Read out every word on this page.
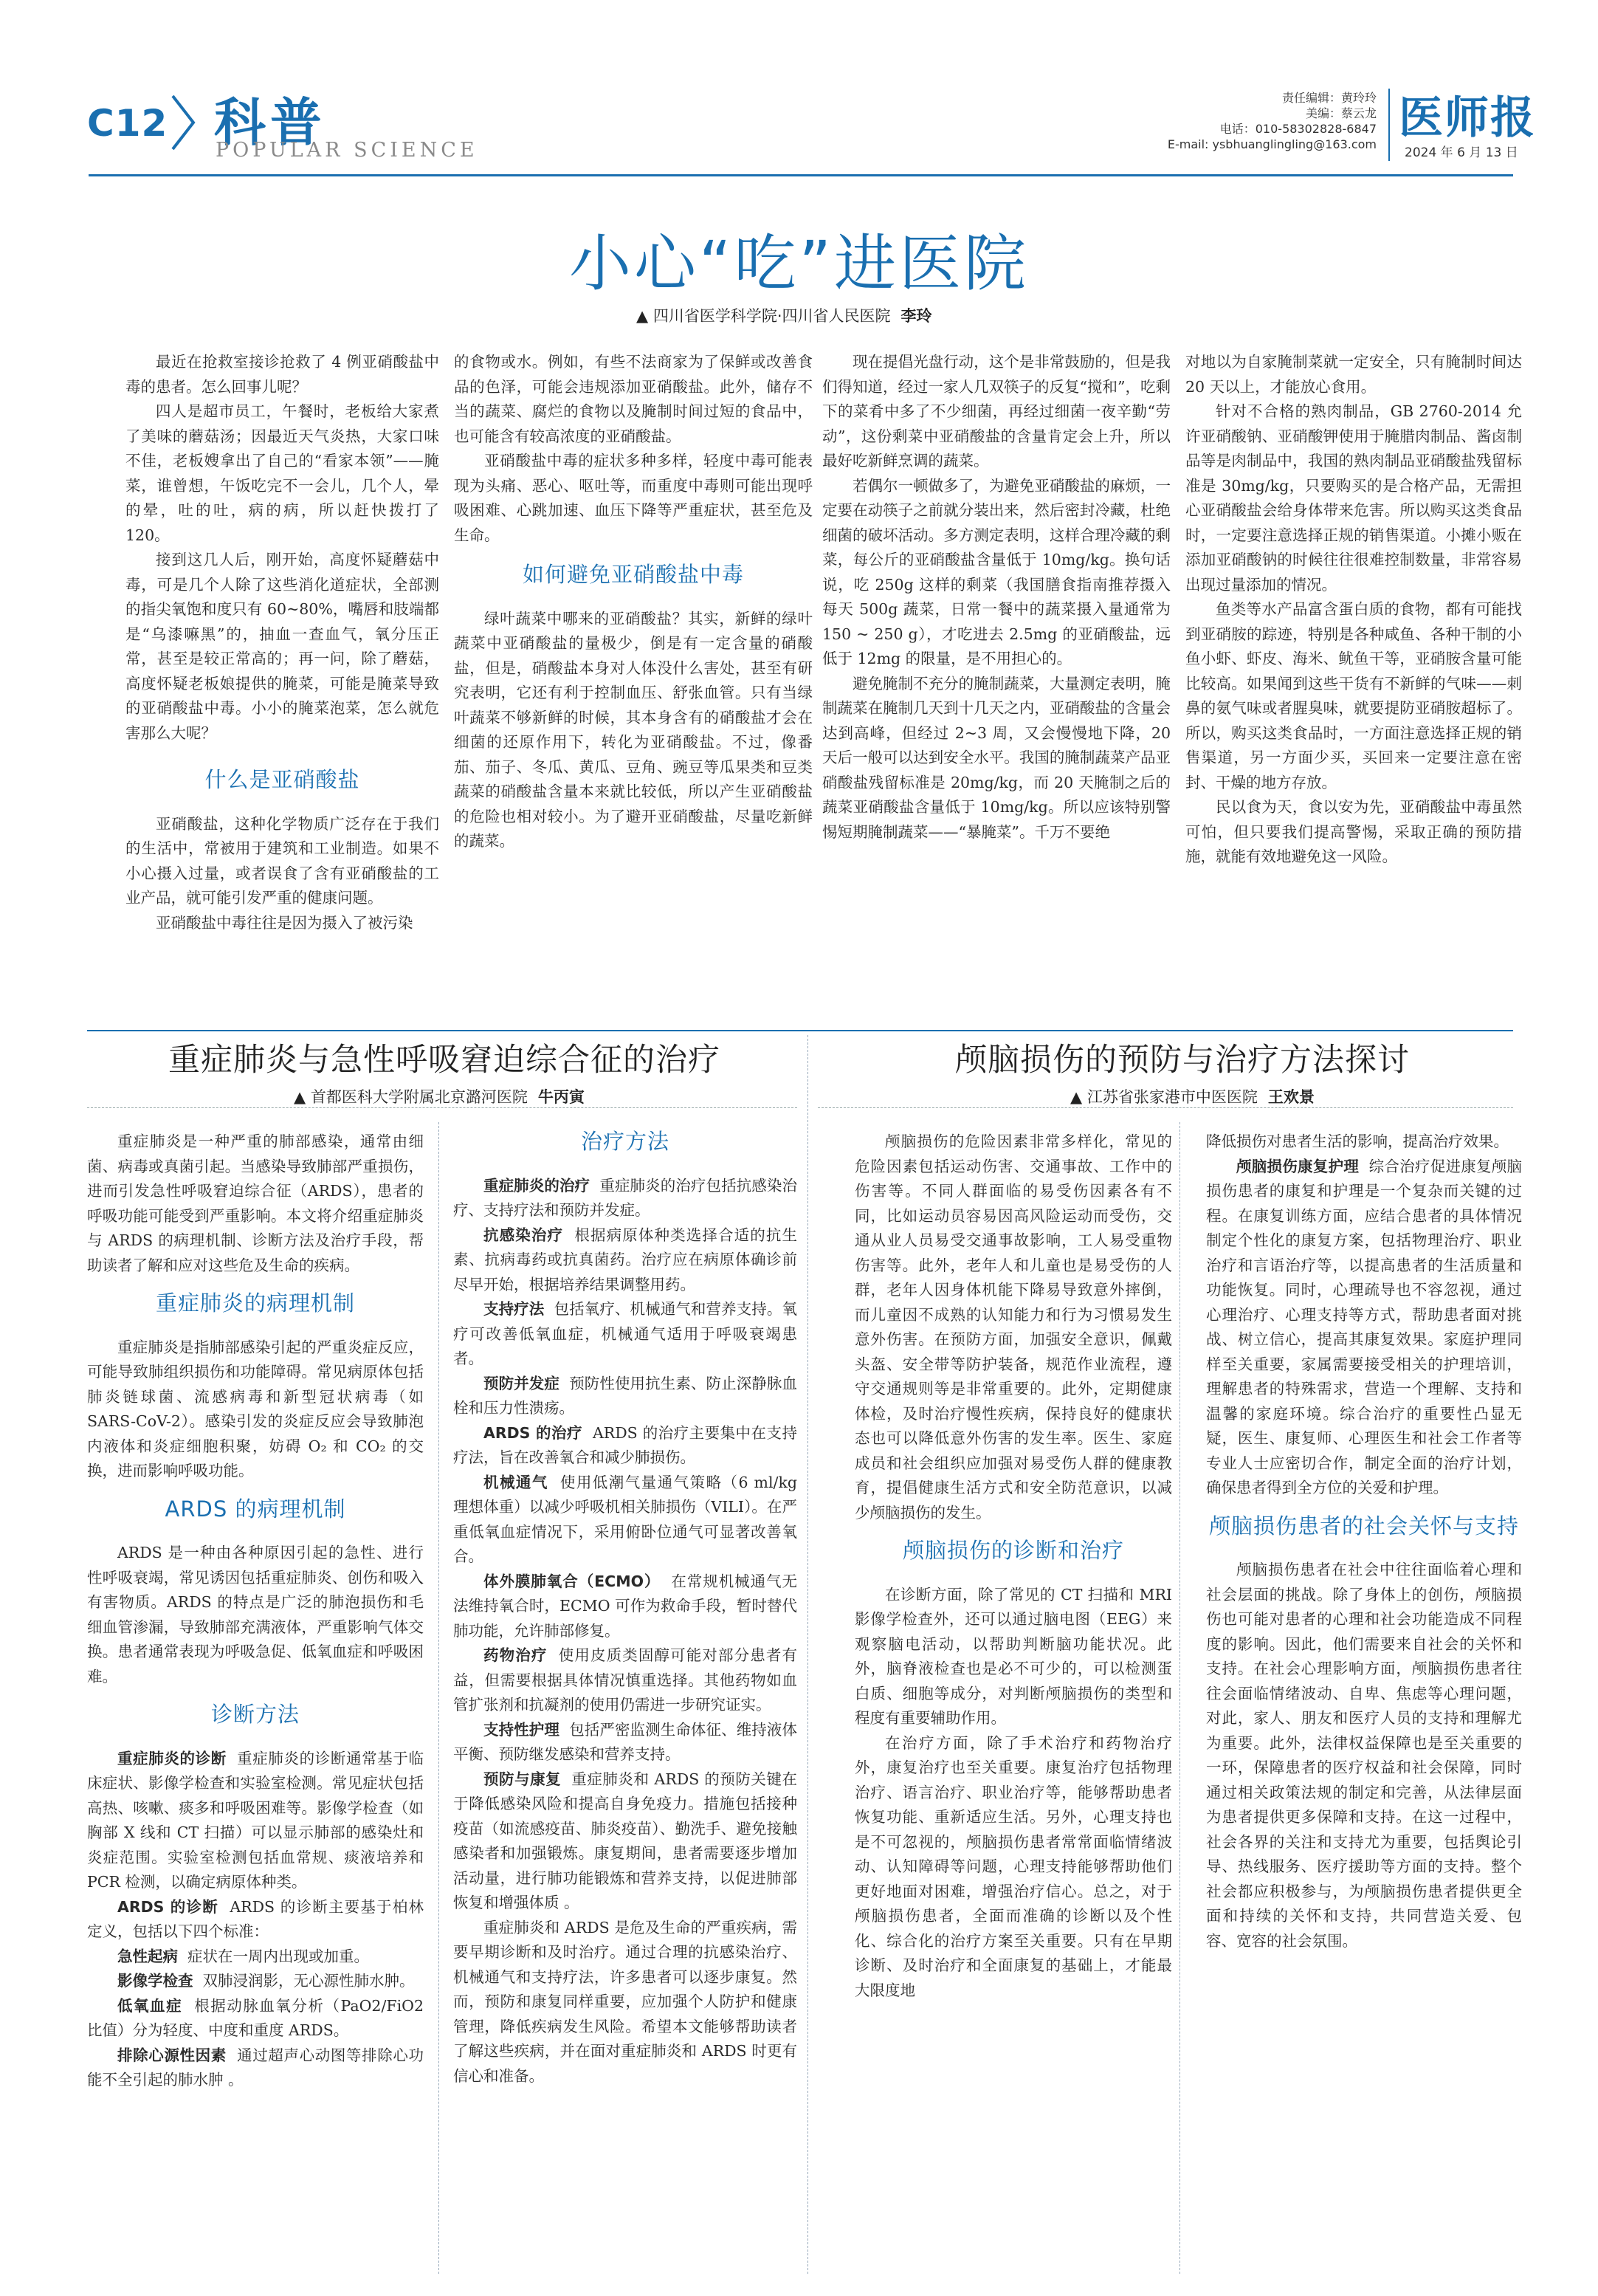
C12 科普
POPULAR SCIENCE
责任编辑：黄玲玲
美编：蔡云龙
电话：010-58302828-6847
E-mail: ysbhuanglingling@163.com
医师报
2024 年 6 月 13 日
小心“吃”进医院
▲ 四川省医学科学院·四川省人民医院 李玲

最近在抢救室接诊抢救了 4 例亚硝酸盐中毒的患者。怎么回事儿呢？

四人是超市员工，午餐时，老板给大家煮了美味的蘑菇汤；因最近天气炎热，大家口味不佳，老板嫂拿出了自己的“看家本领”——腌菜，谁曾想，午饭吃完不一会儿，几个人，晕的晕，吐的吐，病的病，所以赶快拨打了 120。

接到这几人后，刚开始，高度怀疑蘑菇中毒，可是几个人除了这些消化道症状，全部测的指尖氧饱和度只有 60~80%，嘴唇和肢端都是“乌漆嘛黑”的，抽血一查血气，氧分压正常，甚至是较正常高的；再一问，除了蘑菇，高度怀疑老板娘提供的腌菜，可能是腌菜导致的亚硝酸盐中毒。小小的腌菜泡菜，怎么就危害那么大呢？

什么是亚硝酸盐

亚硝酸盐，这种化学物质广泛存在于我们的生活中，常被用于建筑和工业制造。如果不小心摄入过量，或者误食了含有亚硝酸盐的工业产品，就可能引发严重的健康问题。

亚硝酸盐中毒往往是因为摄入了被污染

的食物或水。例如，有些不法商家为了保鲜或改善食品的色泽，可能会违规添加亚硝酸盐。此外，储存不当的蔬菜、腐烂的食物以及腌制时间过短的食品中，也可能含有较高浓度的亚硝酸盐。

亚硝酸盐中毒的症状多种多样，轻度中毒可能表现为头痛、恶心、呕吐等，而重度中毒则可能出现呼吸困难、心跳加速、血压下降等严重症状，甚至危及生命。

如何避免亚硝酸盐中毒

绿叶蔬菜中哪来的亚硝酸盐？其实，新鲜的绿叶蔬菜中亚硝酸盐的量极少，倒是有一定含量的硝酸盐，但是，硝酸盐本身对人体没什么害处，甚至有研究表明，它还有利于控制血压、舒张血管。只有当绿叶蔬菜不够新鲜的时候，其本身含有的硝酸盐才会在细菌的还原作用下，转化为亚硝酸盐。不过，像番茄、茄子、冬瓜、黄瓜、豆角、豌豆等瓜果类和豆类蔬菜的硝酸盐含量本来就比较低，所以产生亚硝酸盐的危险也相对较小。为了避开亚硝酸盐，尽量吃新鲜的蔬菜。

现在提倡光盘行动，这个是非常鼓励的，但是我们得知道，经过一家人几双筷子的反复“搅和”，吃剩下的菜肴中多了不少细菌，再经过细菌一夜辛勤“劳动”，这份剩菜中亚硝酸盐的含量肯定会上升，所以最好吃新鲜烹调的蔬菜。

若偶尔一顿做多了，为避免亚硝酸盐的麻烦，一定要在动筷子之前就分装出来，然后密封冷藏，杜绝细菌的破坏活动。多方测定表明，这样合理冷藏的剩菜，每公斤的亚硝酸盐含量低于 10mg/kg。换句话说，吃 250g 这样的剩菜（我国膳食指南推荐摄入每天 500g 蔬菜，日常一餐中的蔬菜摄入量通常为 150 ~ 250 g），才吃进去 2.5mg 的亚硝酸盐，远低于 12mg 的限量，是不用担心的。

避免腌制不充分的腌制蔬菜，大量测定表明，腌制蔬菜在腌制几天到十几天之内，亚硝酸盐的含量会达到高峰，但经过 2~3 周，又会慢慢地下降，20 天后一般可以达到安全水平。我国的腌制蔬菜产品亚硝酸盐残留标准是 20mg/kg，而 20 天腌制之后的蔬菜亚硝酸盐含量低于 10mg/kg。所以应该特别警惕短期腌制蔬菜——“暴腌菜”。千万不要绝

对地以为自家腌制菜就一定安全，只有腌制时间达 20 天以上，才能放心食用。

针对不合格的熟肉制品，GB 2760-2014 允许亚硝酸钠、亚硝酸钾使用于腌腊肉制品、酱卤制品等是肉制品中，我国的熟肉制品亚硝酸盐残留标准是 30mg/kg，只要购买的是合格产品，无需担心亚硝酸盐会给身体带来危害。所以购买这类食品时，一定要注意选择正规的销售渠道。小摊小贩在添加亚硝酸钠的时候往往很难控制数量，非常容易出现过量添加的情况。

鱼类等水产品富含蛋白质的食物，都有可能找到亚硝胺的踪迹，特别是各种咸鱼、各种干制的小鱼小虾、虾皮、海米、鱿鱼干等，亚硝胺含量可能比较高。如果闻到这些干货有不新鲜的气味——刺鼻的氨气味或者腥臭味，就要提防亚硝胺超标了。所以，购买这类食品时，一方面注意选择正规的销售渠道，另一方面少买，买回来一定要注意在密封、干燥的地方存放。

民以食为天，食以安为先，亚硝酸盐中毒虽然可怕，但只要我们提高警惕，采取正确的预防措施，就能有效地避免这一风险。

重症肺炎与急性呼吸窘迫综合征的治疗
▲ 首都医科大学附属北京潞河医院 牛丙寅

重症肺炎是一种严重的肺部感染，通常由细菌、病毒或真菌引起。当感染导致肺部严重损伤，进而引发急性呼吸窘迫综合征（ARDS），患者的呼吸功能可能受到严重影响。本文将介绍重症肺炎与 ARDS 的病理机制、诊断方法及治疗手段，帮助读者了解和应对这些危及生命的疾病。

重症肺炎的病理机制

重症肺炎是指肺部感染引起的严重炎症反应，可能导致肺组织损伤和功能障碍。常见病原体包括肺炎链球菌、流感病毒和新型冠状病毒（如 SARS-CoV-2）。感染引发的炎症反应会导致肺泡内液体和炎症细胞积聚，妨碍 O₂ 和 CO₂ 的交换，进而影响呼吸功能。

ARDS 的病理机制

ARDS 是一种由各种原因引起的急性、进行性呼吸衰竭，常见诱因包括重症肺炎、创伤和吸入有害物质。ARDS 的特点是广泛的肺泡损伤和毛细血管渗漏，导致肺部充满液体，严重影响气体交换。患者通常表现为呼吸急促、低氧血症和呼吸困难。

诊断方法

重症肺炎的诊断 重症肺炎的诊断通常基于临床症状、影像学检查和实验室检测。常见症状包括高热、咳嗽、痰多和呼吸困难等。影像学检查（如胸部 X 线和 CT 扫描）可以显示肺部的感染灶和炎症范围。实验室检测包括血常规、痰液培养和 PCR 检测，以确定病原体种类。

ARDS 的诊断 ARDS 的诊断主要基于柏林定义，包括以下四个标准：

急性起病 症状在一周内出现或加重。

影像学检查 双肺浸润影，无心源性肺水肿。

低氧血症 根据动脉血氧分析（PaO2/FiO2 比值）分为轻度、中度和重度 ARDS。

排除心源性因素 通过超声心动图等排除心功能不全引起的肺水肿 。

治疗方法

重症肺炎的治疗 重症肺炎的治疗包括抗感染治疗、支持疗法和预防并发症。

抗感染治疗 根据病原体种类选择合适的抗生素、抗病毒药或抗真菌药。治疗应在病原体确诊前尽早开始，根据培养结果调整用药。

支持疗法 包括氧疗、机械通气和营养支持。氧疗可改善低氧血症，机械通气适用于呼吸衰竭患者。

预防并发症 预防性使用抗生素、防止深静脉血栓和压力性溃疡。

ARDS 的治疗 ARDS 的治疗主要集中在支持疗法，旨在改善氧合和减少肺损伤。

机械通气 使用低潮气量通气策略（6 ml/kg 理想体重）以减少呼吸机相关肺损伤（VILI）。在严重低氧血症情况下，采用俯卧位通气可显著改善氧合。

体外膜肺氧合（ECMO） 在常规机械通气无法维持氧合时，ECMO 可作为救命手段，暂时替代肺功能，允许肺部修复。

药物治疗 使用皮质类固醇可能对部分患者有益，但需要根据具体情况慎重选择。其他药物如血管扩张剂和抗凝剂的使用仍需进一步研究证实。

支持性护理 包括严密监测生命体征、维持液体平衡、预防继发感染和营养支持。

预防与康复 重症肺炎和 ARDS 的预防关键在于降低感染风险和提高自身免疫力。措施包括接种疫苗（如流感疫苗、肺炎疫苗）、勤洗手、避免接触感染者和加强锻炼。康复期间，患者需要逐步增加活动量，进行肺功能锻炼和营养支持，以促进肺部恢复和增强体质 。

重症肺炎和 ARDS 是危及生命的严重疾病，需要早期诊断和及时治疗。通过合理的抗感染治疗、机械通气和支持疗法，许多患者可以逐步康复。然而，预防和康复同样重要，应加强个人防护和健康管理，降低疾病发生风险。希望本文能够帮助读者了解这些疾病，并在面对重症肺炎和 ARDS 时更有信心和准备。

颅脑损伤的预防与治疗方法探讨
▲ 江苏省张家港市中医医院 王欢景

颅脑损伤的危险因素非常多样化，常见的危险因素包括运动伤害、交通事故、工作中的伤害等。不同人群面临的易受伤因素各有不同，比如运动员容易因高风险运动而受伤，交通从业人员易受交通事故影响，工人易受重物伤害等。此外，老年人和儿童也是易受伤的人群，老年人因身体机能下降易导致意外摔倒，而儿童因不成熟的认知能力和行为习惯易发生意外伤害。在预防方面，加强安全意识，佩戴头盔、安全带等防护装备，规范作业流程，遵守交通规则等是非常重要的。此外，定期健康体检，及时治疗慢性疾病，保持良好的健康状态也可以降低意外伤害的发生率。医生、家庭成员和社会组织应加强对易受伤人群的健康教育，提倡健康生活方式和安全防范意识，以减少颅脑损伤的发生。

颅脑损伤的诊断和治疗

在诊断方面，除了常见的 CT 扫描和 MRI 影像学检查外，还可以通过脑电图（EEG）来观察脑电活动，以帮助判断脑功能状况。此外，脑脊液检查也是必不可少的，可以检测蛋白质、细胞等成分，对判断颅脑损伤的类型和程度有重要辅助作用。

在治疗方面，除了手术治疗和药物治疗外，康复治疗也至关重要。康复治疗包括物理治疗、语言治疗、职业治疗等，能够帮助患者恢复功能、重新适应生活。另外，心理支持也是不可忽视的，颅脑损伤患者常常面临情绪波动、认知障碍等问题，心理支持能够帮助他们更好地面对困难，增强治疗信心。总之，对于颅脑损伤患者，全面而准确的诊断以及个性化、综合化的治疗方案至关重要。只有在早期诊断、及时治疗和全面康复的基础上，才能最大限度地

降低损伤对患者生活的影响，提高治疗效果。

颅脑损伤康复护理 综合治疗促进康复颅脑损伤患者的康复和护理是一个复杂而关键的过程。在康复训练方面，应结合患者的具体情况制定个性化的康复方案，包括物理治疗、职业治疗和言语治疗等，以提高患者的生活质量和功能恢复。同时，心理疏导也不容忽视，通过心理治疗、心理支持等方式，帮助患者面对挑战、树立信心，提高其康复效果。家庭护理同样至关重要，家属需要接受相关的护理培训，理解患者的特殊需求，营造一个理解、支持和温馨的家庭环境。综合治疗的重要性凸显无疑，医生、康复师、心理医生和社会工作者等专业人士应密切合作，制定全面的治疗计划，确保患者得到全方位的关爱和护理。

颅脑损伤患者的社会关怀与支持

颅脑损伤患者在社会中往往面临着心理和社会层面的挑战。除了身体上的创伤，颅脑损伤也可能对患者的心理和社会功能造成不同程度的影响。因此，他们需要来自社会的关怀和支持。在社会心理影响方面，颅脑损伤患者往往会面临情绪波动、自卑、焦虑等心理问题，对此，家人、朋友和医疗人员的支持和理解尤为重要。此外，法律权益保障也是至关重要的一环，保障患者的医疗权益和社会保障，同时通过相关政策法规的制定和完善，从法律层面为患者提供更多保障和支持。在这一过程中，社会各界的关注和支持尤为重要，包括舆论引导、热线服务、医疗援助等方面的支持。整个社会都应积极参与，为颅脑损伤患者提供更全面和持续的关怀和支持，共同营造关爱、包容、宽容的社会氛围。
